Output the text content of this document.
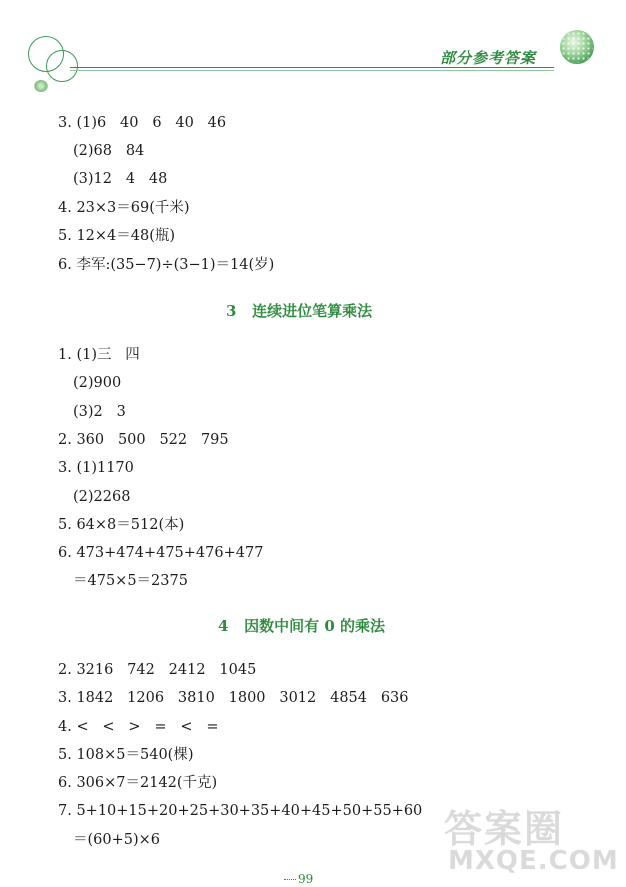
部分参考答案
3. (1)6   40   6   40   46
(2)68   84
(3)12   4   48
4. 23×3＝69(千米)
5. 12×4＝48(瓶)
6. 李军:(35−7)÷(3−1)＝14(岁)
3   连续进位笔算乘法
1. (1)三   四
(2)900
(3)2   3
2. 360   500   522   795
3. (1)1170
(2)2268
5. 64×8＝512(本)
6. 473+474+475+476+477
＝475×5＝2375
4   因数中间有 0 的乘法
2. 3216   742   2412   1045
3. 1842   1206   3810   1800   3012   4854   636
4. <   <   >   =   <   =
5. 108×5＝540(棵)
6. 306×7＝2142(千克)
7. 5+10+15+20+25+30+35+40+45+50+55+60
＝(60+5)×6
99
答案圈
MXQE.COM
